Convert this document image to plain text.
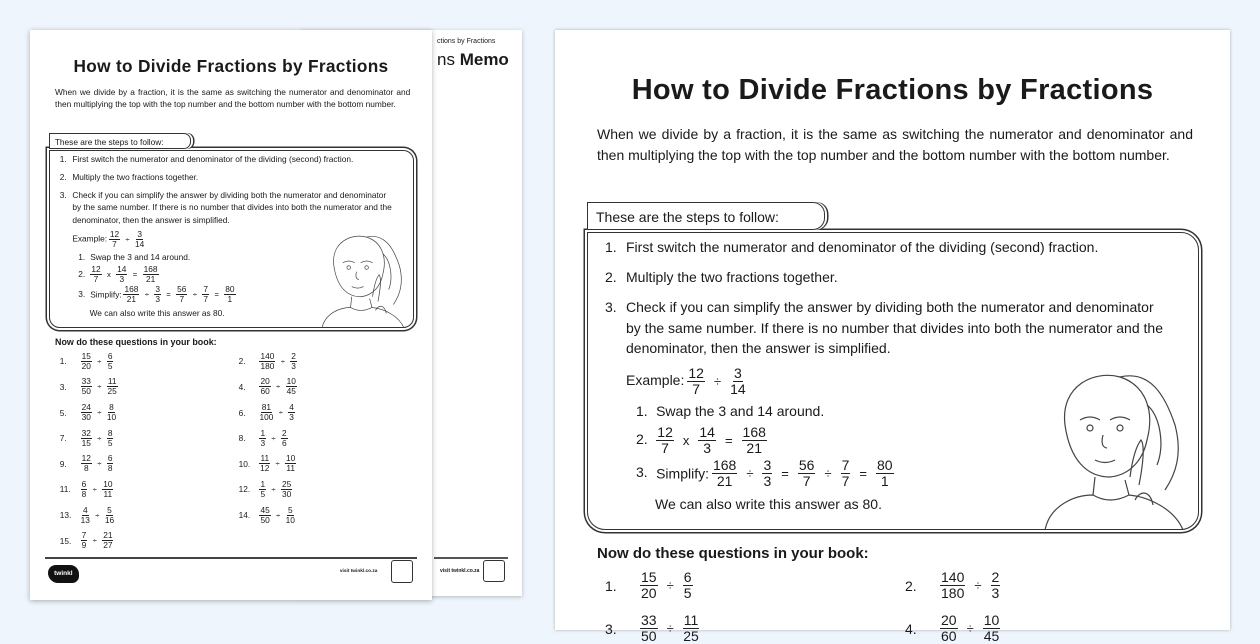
ctions by Fractions
ns Memo
visit twinkl.co.za
How to Divide Fractions by Fractions
When we divide by a fraction, it is the same as switching the numerator and denominator and then multiplying the top with the top number and the bottom number with the bottom number.
These are the steps to follow:
1. First switch the numerator and denominator of the dividing (second) fraction.
2. Multiply the two fractions together.
3. Check if you can simplify the answer by dividing both the numerator and denominator by the same number. If there is no number that divides into both the numerator and the denominator, then the answer is simplified.
Example: $\frac{12}{7} \div \frac{3}{14}$
1. Swap the 3 and 14 around.
2. $\frac{12}{7}$ x $\frac{14}{3} = \frac{168}{21}$
3. Simplify: $\frac{168}{21} \div \frac{3}{3} = \frac{56}{7} \div \frac{7}{7} = \frac{80}{1}$
We can also write this answer as 80.
Now do these questions in your book:
1. $\frac{15}{20} \div \frac{6}{5}$	2. $\frac{140}{180} \div \frac{2}{3}$
3. $\frac{33}{50} \div \frac{11}{25}$	4. $\frac{20}{60} \div \frac{10}{45}$
5. $\frac{24}{30} \div \frac{8}{10}$	6. $\frac{81}{100} \div \frac{4}{3}$
7. $\frac{32}{15} \div \frac{8}{5}$	8. $\frac{1}{3} \div \frac{2}{6}$
9. $\frac{12}{8} \div \frac{6}{8}$	10. $\frac{11}{12} \div \frac{10}{11}$
11. $\frac{6}{8} \div \frac{10}{11}$	12. $\frac{1}{5} \div \frac{25}{30}$
13. $\frac{4}{13} \div \frac{5}{16}$	14. $\frac{45}{50} \div \frac{5}{10}$
15. $\frac{7}{9} \div \frac{21}{27}$
twinkl	visit twinkl.co.za
How to Divide Fractions by Fractions
When we divide by a fraction, it is the same as switching the numerator and denominator and then multiplying the top with the top number and the bottom number with the bottom number.
These are the steps to follow:
1. First switch the numerator and denominator of the dividing (second) fraction.
2. Multiply the two fractions together.
3. Check if you can simplify the answer by dividing both the numerator and denominator by the same number. If there is no number that divides into both the numerator and the denominator, then the answer is simplified.
Example: $\frac{12}{7} \div \frac{3}{14}$
1. Swap the 3 and 14 around.
2. $\frac{12}{7}$ x $\frac{14}{3} = \frac{168}{21}$
3. Simplify: $\frac{168}{21} \div \frac{3}{3} = \frac{56}{7} \div \frac{7}{7} = \frac{80}{1}$
We can also write this answer as 80.
Now do these questions in your book:
1. $\frac{15}{20} \div \frac{6}{5}$	2. $\frac{140}{180} \div \frac{2}{3}$
3. $\frac{33}{50} \div \frac{11}{25}$	4. $\frac{20}{60} \div \frac{10}{45}$
